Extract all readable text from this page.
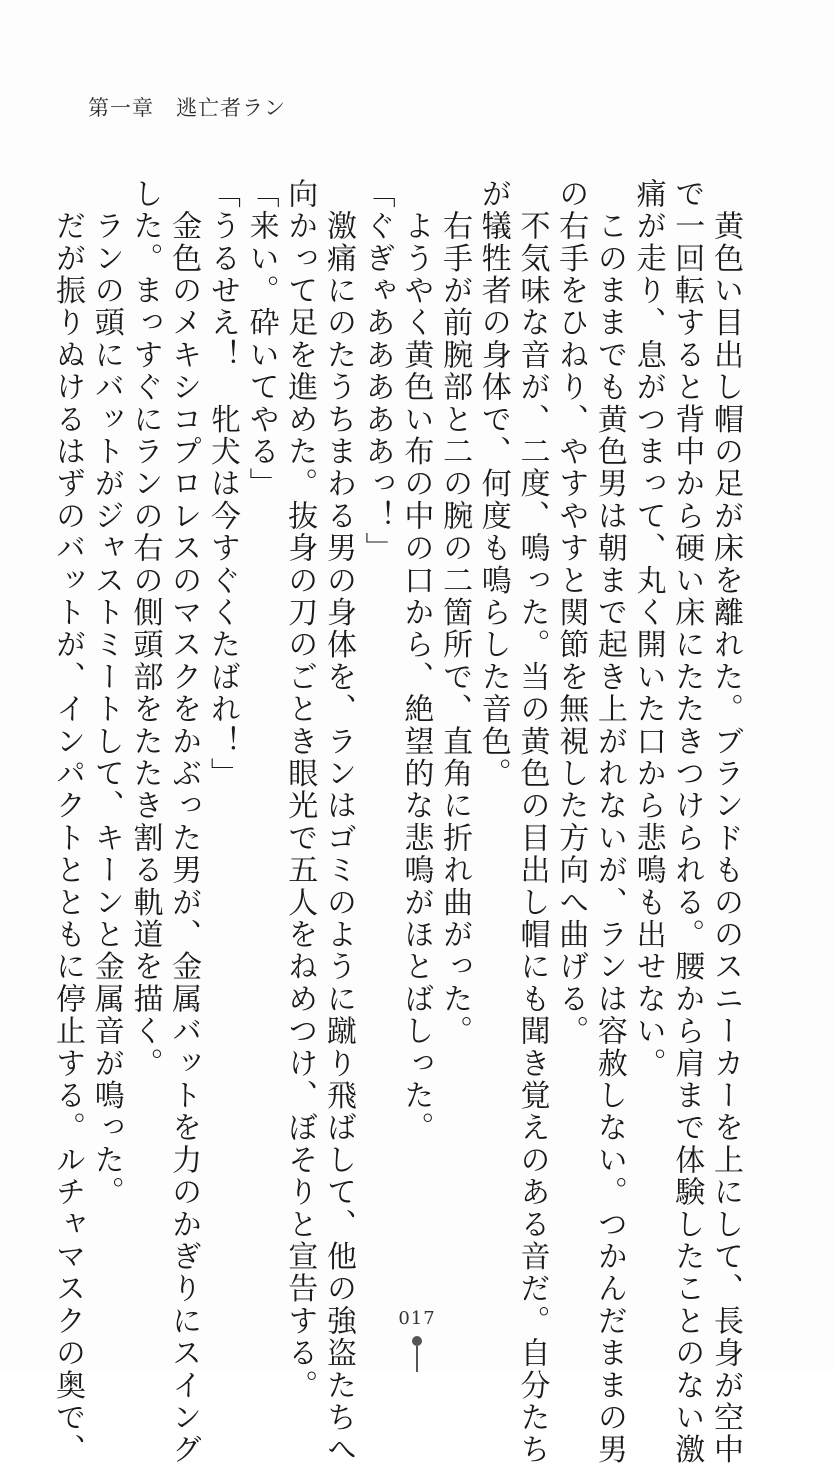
第一章　逃亡者ラン
　黄色い目出し帽の足が床を離れた。ブランドもののスニーカーを上にして、長身が空中
で一回転すると背中から硬い床にたたきつけられる。腰から肩まで体験したことのない激
痛が走り、息がつまって、丸く開いた口から悲鳴も出せない。
　このままでも黄色男は朝まで起き上がれないが、ランは容赦しない。つかんだままの男
の右手をひねり、やすやすと関節を無視した方向へ曲げる。
　不気味な音が、二度、鳴った。当の黄色の目出し帽にも聞き覚えのある音だ。自分たち
が犠牲者の身体で、何度も鳴らした音色。
　右手が前腕部と二の腕の二箇所で、直角に折れ曲がった。
　ようやく黄色い布の中の口から、絶望的な悲鳴がほとばしった。
「ぐぎゃあああああっ！」
　激痛にのたうちまわる男の身体を、ランはゴミのように蹴り飛ばして、他の強盗たちへ
向かって足を進めた。抜身の刀のごとき眼光で五人をねめつけ、ぼそりと宣告する。
「来い。砕いてやる」
「うるせえ！　牝犬は今すぐくたばれ！」
　金色のメキシコプロレスのマスクをかぶった男が、金属バットを力のかぎりにスイング
した。まっすぐにランの右の側頭部をたたき割る軌道を描く。
　ランの頭にバットがジャストミートして、キーンと金属音が鳴った。
　だが振りぬけるはずのバットが、インパクトとともに停止する。ルチャマスクの奥で、	017
